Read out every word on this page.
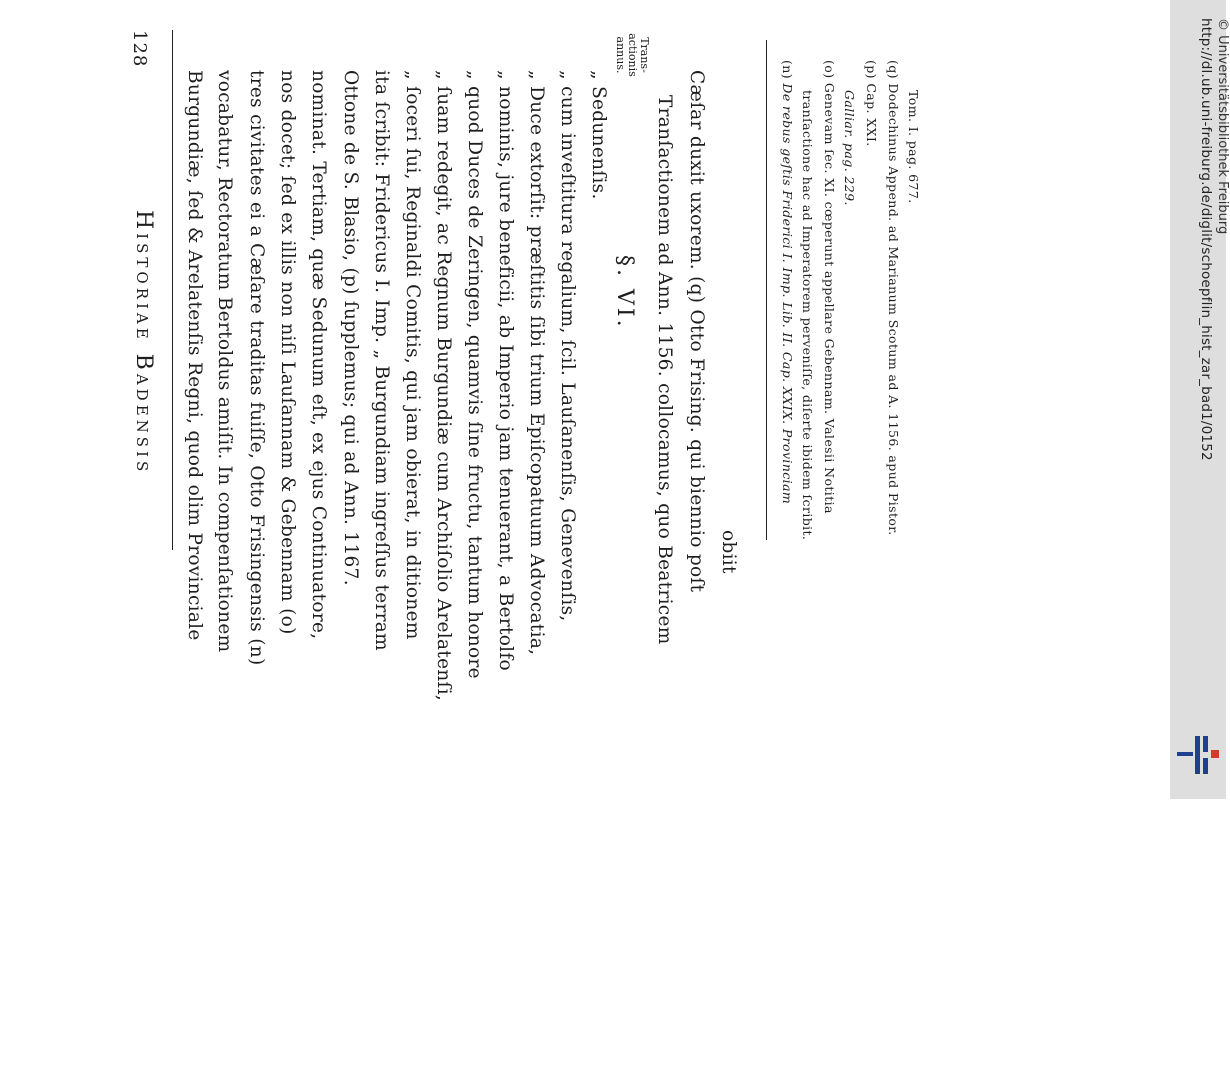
128
Historiae Badensis Burgundiæ, ſed & Arelatenſis Regni, quod olim Provinciale vocabatur, Rectoratum Bertoldus amiſit. In compenſationem tres civitates ei a Cæſare traditas fuiſſe, Otto Frisingensis (n) nos docet; ſed ex illis non niſi Lauſannam & Gebennam (o) nominat. Tertiam, quæ Sedunum eſt, ex ejus Continuatore, Ottone de S. Blasio, (p) ſupplemus; qui ad Ann. 1167. ita ſcribit: Fridericus I. Imp. „ Burgundiam ingreſſus terram „ ſoceri ſui, Reginaldi Comitis, qui jam obierat, in ditionem „ ſuam redegit, ac Regnum Burgundiæ cum Archiſolio Arelatenſi, „ quod Duces de Zeringen, quamvis ſine fructu, tantum honore „ nominis, jure beneficii, ab Imperio jam tenuerant, a Bertolfo „ Duce extorſit: præſtitis ſibi trium Epiſcopatuum Advocatia, „ cum inveſtitura regalium, ſcil. Lauſanenſis, Genevenſis, „ Sedunenſis.
§. VI. Tranſactionem ad Ann. 1156. collocamus, quo Beatricem Cæſar duxit uxorem. (q) Otto Frising. qui biennio poſt obiit
Trans-
actionis
annus.	(n) De rebus geſtis Friderici I. Imp. Lib. II. Cap. XXIX. Provinciam tranſactione hac ad Imperatorem perveniſſe, diſerte ibidem ſcribit.
(o) Genevam ſec. XI. cœperunt appellare Gebennam. Valesii Notitia Galliar. pag. 229.
(p) Cap. XXI.
(q) Dodechinus Append. ad Marianum Scotum ad A. 1156. apud Pistor. Tom. I. pag. 677.	http://dl.ub.uni-freiburg.de/diglit/schoepflin_hist_zar_bad1/0152 © Universitätsbibliothek Freiburg
